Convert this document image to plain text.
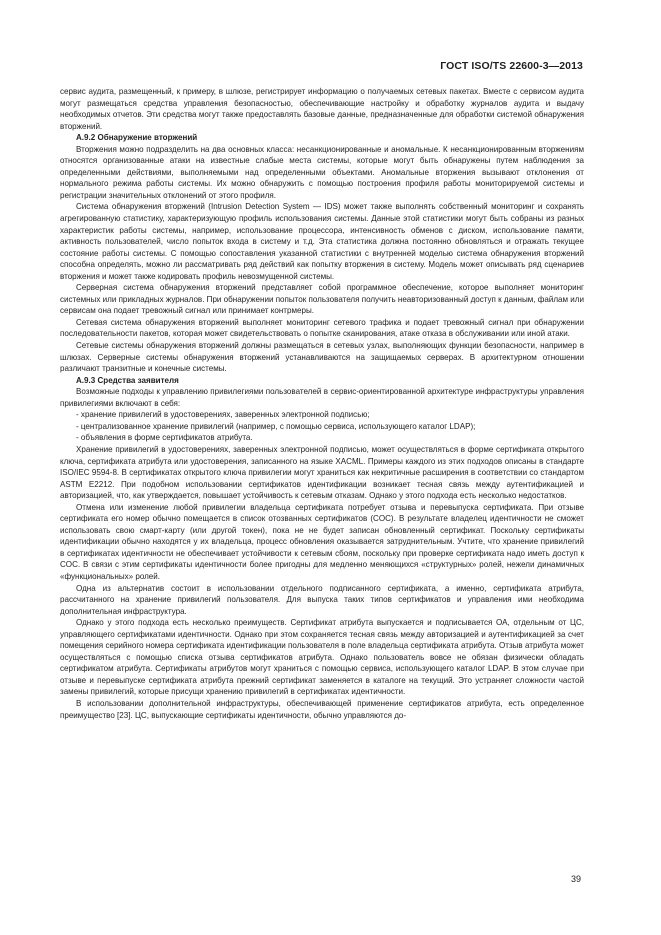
ГОСТ ISO/TS 22600-3—2013

сервис аудита, размещенный, к примеру, в шлюзе, регистрирует информацию о получаемых сетевых пакетах. Вместе с сервисом аудита могут размещаться средства управления безопасностью, обеспечивающие настройку и обработку журналов аудита и выдачу необходимых отчетов. Эти средства могут также предоставлять базовые данные, предназначенные для обработки системой обнаружения вторжений.

А.9.2 Обнаружение вторжений

Вторжения можно подразделить на два основных класса: несанкционированные и аномальные. К несанкционированным вторжениям относятся организованные атаки на известные слабые места системы, которые могут быть обнаружены путем наблюдения за определенными действиями, выполняемыми над определенными объектами. Аномальные вторжения вызывают отклонения от нормального режима работы системы. Их можно обнаружить с помощью построения профиля работы мониторируемой системы и регистрации значительных отклонений от этого профиля.

Система обнаружения вторжений (Intrusion Detection System — IDS) может также выполнять собственный мониторинг и сохранять агрегированную статистику, характеризующую профиль использования системы. Данные этой статистики могут быть собраны из разных характеристик работы системы, например, использование процессора, интенсивность обменов с диском, использование памяти, активность пользователей, число попыток входа в систему и т.д. Эта статистика должна постоянно обновляться и отражать текущее состояние работы системы. С помощью сопоставления указанной статистики с внутренней моделью система обнаружения вторжений способна определять, можно ли рассматривать ряд действий как попытку вторжения в систему. Модель может описывать ряд сценариев вторжения и может также кодировать профиль невозмущенной системы.

Серверная система обнаружения вторжений представляет собой программное обеспечение, которое выполняет мониторинг системных или прикладных журналов. При обнаружении попыток пользователя получить неавторизованный доступ к данным, файлам или сервисам она подает тревожный сигнал или принимает контрмеры.

Сетевая система обнаружения вторжений выполняет мониторинг сетевого трафика и подает тревожный сигнал при обнаружении последовательности пакетов, которая может свидетельствовать о попытке сканирования, атаке отказа в обслуживании или иной атаки.

Сетевые системы обнаружения вторжений должны размещаться в сетевых узлах, выполняющих функции безопасности, например в шлюзах. Серверные системы обнаружения вторжений устанавливаются на защищаемых серверах. В архитектурном отношении различают транзитные и конечные системы.

А.9.3 Средства заявителя

Возможные подходы к управлению привилегиями пользователей в сервис-ориентированной архитектуре инфраструктуры управления привилегиями включают в себя:

- хранение привилегий в удостоверениях, заверенных электронной подписью;
- централизованное хранение привилегий (например, с помощью сервиса, использующего каталог LDAP);
- объявления в форме сертификатов атрибута.

Хранение привилегий в удостоверениях, заверенных электронной подписью, может осуществляться в форме сертификата открытого ключа, сертификата атрибута или удостоверения, записанного на языке XACML. Примеры каждого из этих подходов описаны в стандарте ISO/IEC 9594-8. В сертификатах открытого ключа привилегии могут храниться как некритичные расширения в соответствии со стандартом ASTM E2212. При подобном использовании сертификатов идентификации возникает тесная связь между аутентификацией и авторизацией, что, как утверждается, повышает устойчивость к сетевым отказам. Однако у этого подхода есть несколько недостатков.

Отмена или изменение любой привилегии владельца сертификата потребует отзыва и перевыпуска сертификата. При отзыве сертификата его номер обычно помещается в список отозванных сертификатов (COC). В результате владелец идентичности не сможет использовать свою смарт-карту (или другой токен), пока не не будет записан обновленный сертификат. Поскольку сертификаты идентификации обычно находятся у их владельца, процесс обновления оказывается затруднительным. Учтите, что хранение привилегий в сертификатах идентичности не обеспечивает устойчивости к сетевым сбоям, поскольку при проверке сертификата надо иметь доступ к COC. В связи с этим сертификаты идентичности более пригодны для медленно меняющихся «структурных» ролей, нежели динамичных «функциональных» ролей.

Одна из альтернатив состоит в использовании отдельного подписанного сертификата, а именно, сертификата атрибута, рассчитанного на хранение привилегий пользователя. Для выпуска таких типов сертификатов и управления ими необходима дополнительная инфраструктура.

Однако у этого подхода есть несколько преимуществ. Сертификат атрибута выпускается и подписывается ОА, отдельным от ЦС, управляющего сертификатами идентичности. Однако при этом сохраняется тесная связь между авторизацией и аутентификацией за счет помещения серийного номера сертификата идентификации пользователя в поле владельца сертификата атрибута. Отзыв атрибута может осуществляться с помощью списка отзыва сертификатов атрибута. Однако пользователь вовсе не обязан физически обладать сертификатом атрибута. Сертификаты атрибутов могут храниться с помощью сервиса, использующего каталог LDAP. В этом случае при отзыве и перевыпуске сертификата атрибута прежний сертификат заменяется в каталоге на текущий. Это устраняет сложности частой замены привилегий, которые присущи хранению привилегий в сертификатах идентичности.

В использовании дополнительной инфраструктуры, обеспечивающей применение сертификатов атрибута, есть определенное преимущество [23]. ЦС, выпускающие сертификаты идентичности, обычно управляются до-

39
